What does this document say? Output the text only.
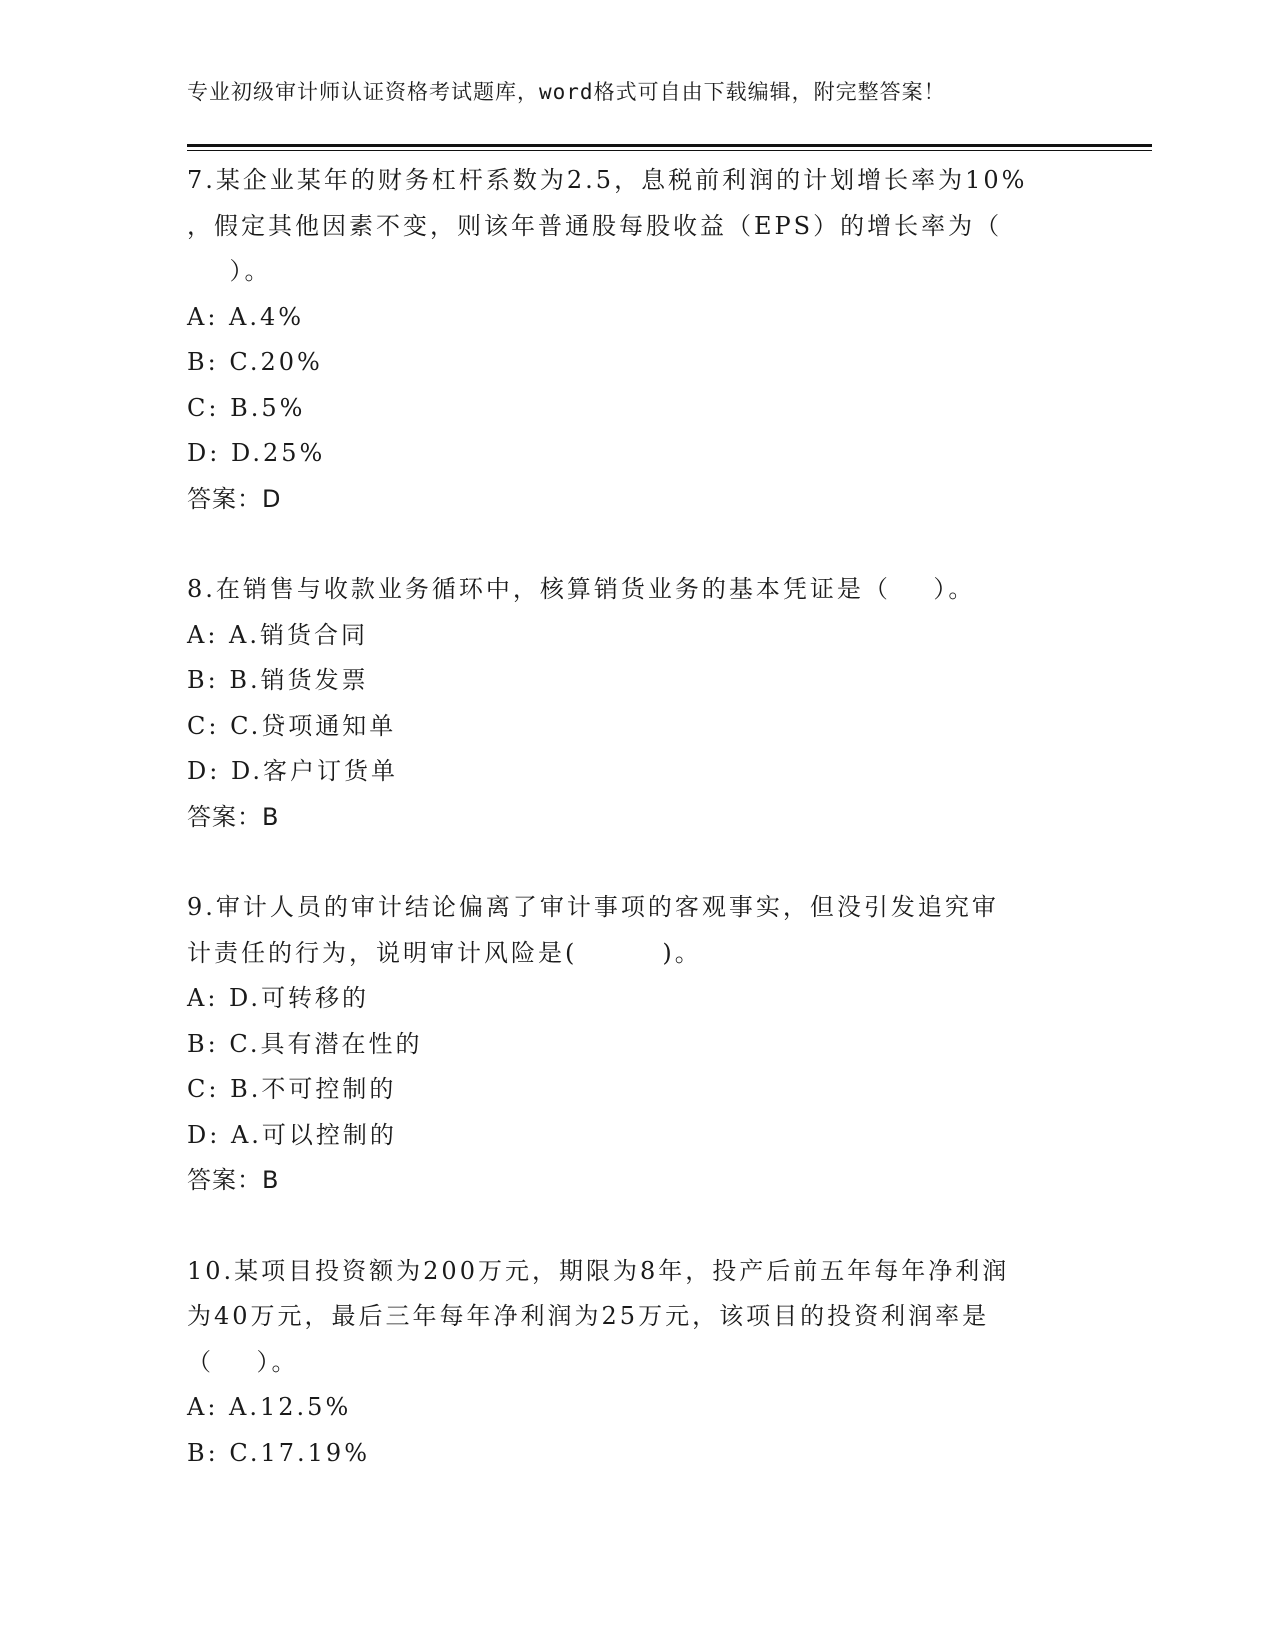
专业初级审计师认证资格考试题库，word格式可自由下载编辑，附完整答案！
7.某企业某年的财务杠杆系数为2.5，息税前利润的计划增长率为10%
，假定其他因素不变，则该年普通股每股收益（EPS）的增长率为（
）。
A: A.4%
B: C.20%
C: B.5%
D: D.25%
答案：D
8.在销售与收款业务循环中，核算销货业务的基本凭证是（    ）。
A: A.销货合同
B: B.销货发票
C: C.贷项通知单
D: D.客户订货单
答案：B
9.审计人员的审计结论偏离了审计事项的客观事实，但没引发追究审
计责任的行为，说明审计风险是(        )。
A: D.可转移的
B: C.具有潜在性的
C: B.不可控制的
D: A.可以控制的
答案：B
10.某项目投资额为200万元，期限为8年，投产后前五年每年净利润
为40万元，最后三年每年净利润为25万元，该项目的投资利润率是
（    ）。
A: A.12.5%
B: C.17.19%
